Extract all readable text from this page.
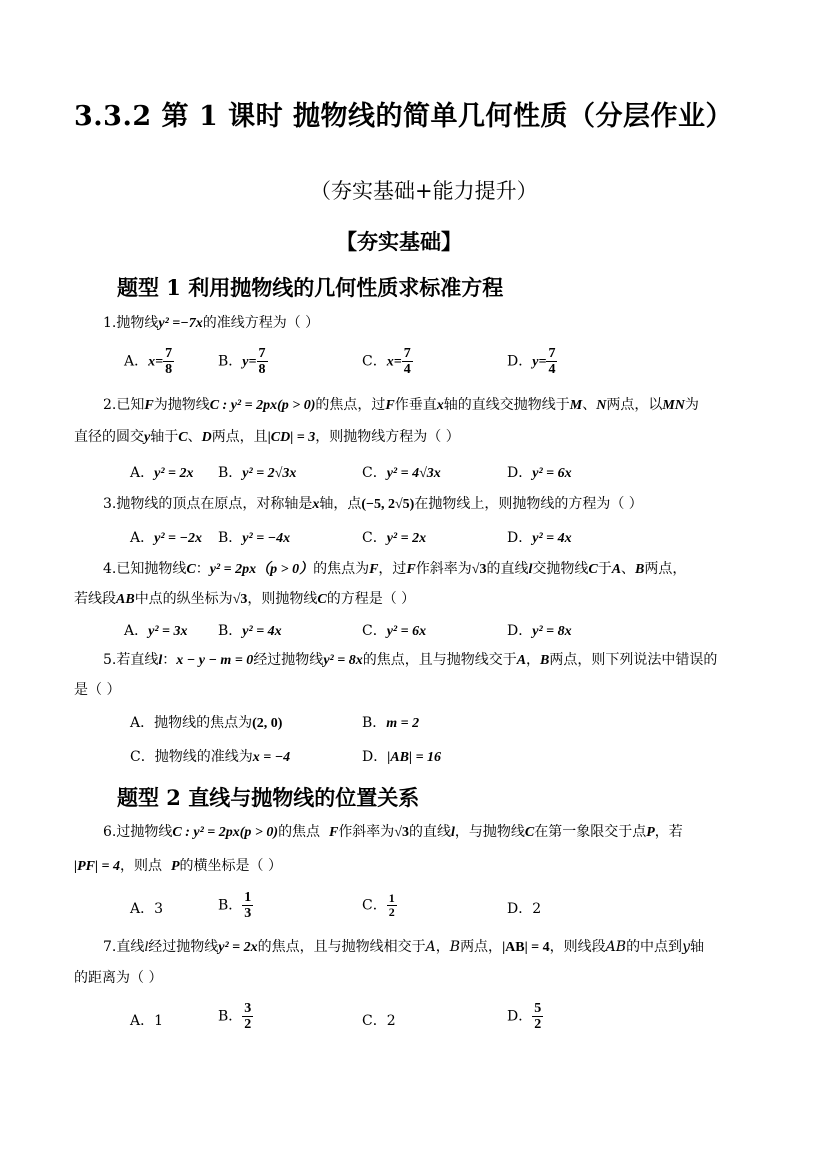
3.3.2 第 1 课时 抛物线的简单几何性质（分层作业）
（夯实基础+能力提升）
【夯实基础】
题型 1 利用抛物线的几何性质求标准方程
1.抛物线y² =−7x的准线方程为（ ）
A．$x= \frac{7}{8}$	B．$y= \frac{7}{8}$	C．$x= \frac{7}{4}$	D．$y= \frac{7}{4}$
2.已知F为抛物线C : y² = 2px(p > 0)的焦点，过F作垂直x轴的直线交抛物线于M、N两点，以MN为
直径的圆交y轴于C、D两点，且|CD| = 3，则抛物线方程为（ ）
A．y² = 2x B．y² = 2√3x	C．y² = 4√3x	D．y² = 6x
3.抛物线的顶点在原点，对称轴是x轴，点(−5, 2√5)在抛物线上，则抛物线的方程为（ ）
A．y² = −2x B．y² = −4x	C．y² = 2x	D．y² = 4x
4.已知抛物线C：y² = 2px（p > 0）的焦点为F，过F作斜率为√3的直线l交抛物线C于A、B两点，
若线段AB中点的纵坐标为√3，则抛物线C的方程是（ ）
A．y² = 3x B．y² = 4x	C．y² = 6x	D．y² = 8x
5.若直线l：x − y − m = 0经过抛物线y² = 8x的焦点，且与抛物线交于A，B两点，则下列说法中错误的
是（ ）
A．抛物线的焦点为(2, 0)	B．m = 2
C．抛物线的准线为x = −4	D．|AB| = 16
题型 2 直线与抛物线的位置关系
6.过抛物线C : y² = 2px(p > 0)的焦点 F作斜率为√3的直线l，与抛物线C在第一象限交于点P，若
|PF| = 4，则点 P的横坐标是（ ）
A．3	B． $\frac{1}{3}$	C． $\frac{1}{2}$	D．2
7.直线l经过抛物线y² = 2x的焦点，且与抛物线相交于A，B两点，|AB| = 4，则线段AB的中点到y轴
的距离为（ ）
A．1	B． $\frac{3}{2}$	C．2	D． $\frac{5}{2}$
